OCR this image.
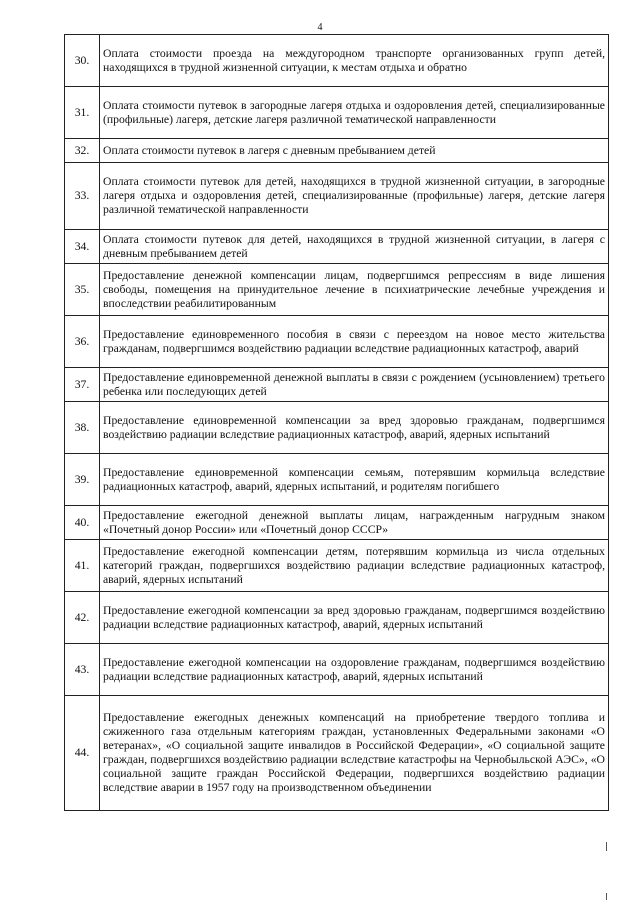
4
30.	Оплата стоимости проезда на междугородном транспорте организованных групп детей, находящихся в трудной жизненной ситуации, к местам отдыха и обратно
31.	Оплата стоимости путевок в загородные лагеря отдыха и оздоровления детей, специализированные (профильные) лагеря, детские лагеря различной тематической направленности
32.	Оплата стоимости путевок в лагеря с дневным пребыванием детей
33.	Оплата стоимости путевок для детей, находящихся в трудной жизненной ситуации, в загородные лагеря отдыха и оздоровления детей, специализированные (профильные) лагеря, детские лагеря различной тематической направленности
34.	Оплата стоимости путевок для детей, находящихся в трудной жизненной ситуации, в лагеря с дневным пребыванием детей
35.	Предоставление денежной компенсации лицам, подвергшимся репрессиям в виде лишения свободы, помещения на принудительное лечение в психиатрические лечебные учреждения и впоследствии реабилитированным
36.	Предоставление единовременного пособия в связи с переездом на новое место жительства гражданам, подвергшимся воздействию радиации вследствие радиационных катастроф, аварий
37.	Предоставление единовременной денежной выплаты в связи с рождением (усыновлением) третьего ребенка или последующих детей
38.	Предоставление единовременной компенсации за вред здоровью гражданам, подвергшимся воздействию радиации вследствие радиационных катастроф, аварий, ядерных испытаний
39.	Предоставление единовременной компенсации семьям, потерявшим кормильца вследствие радиационных катастроф, аварий, ядерных испытаний, и родителям погибшего
40.	Предоставление ежегодной денежной выплаты лицам, награжденным нагрудным знаком «Почетный донор России» или «Почетный донор СССР»
41.	Предоставление ежегодной компенсации детям, потерявшим кормильца из числа отдельных категорий граждан, подвергшихся воздействию радиации вследствие радиационных катастроф, аварий, ядерных испытаний
42.	Предоставление ежегодной компенсации за вред здоровью гражданам, подвергшимся воздействию радиации вследствие радиационных катастроф, аварий, ядерных испытаний
43.	Предоставление ежегодной компенсации на оздоровление гражданам, подвергшимся воздействию радиации вследствие радиационных катастроф, аварий, ядерных испытаний
44.	Предоставление ежегодных денежных компенсаций на приобретение твердого топлива и сжиженного газа отдельным категориям граждан, установленных Федеральными законами «О ветеранах», «О социальной защите инвалидов в Российской Федерации», «О социальной защите граждан, подвергшихся воздействию радиации вследствие катастрофы на Чернобыльской АЭС», «О социальной защите граждан Российской Федерации, подвергшихся воздействию радиации вследствие аварии в 1957 году на производственном объединении
